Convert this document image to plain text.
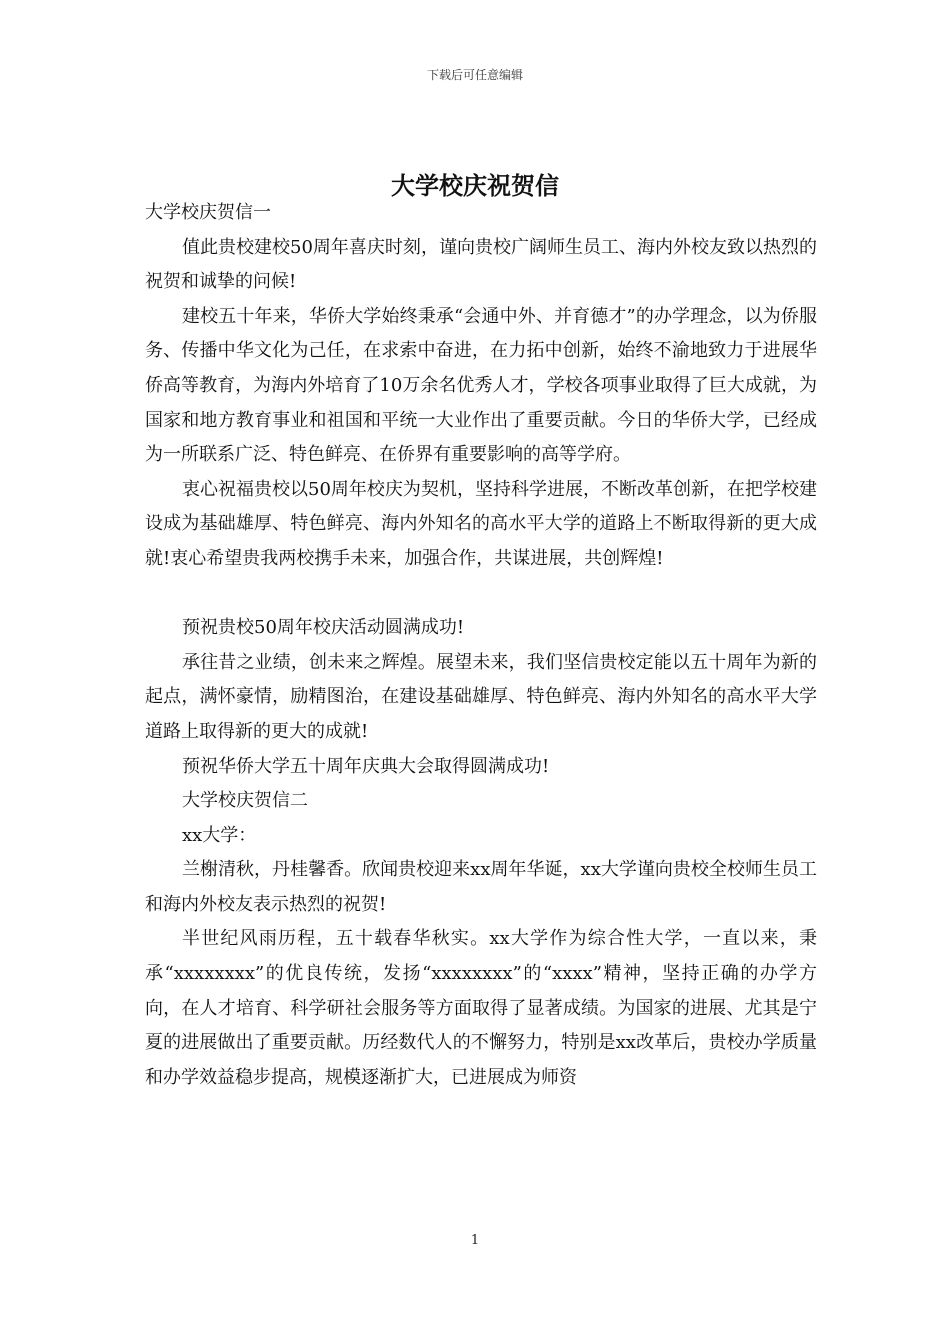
下载后可任意编辑
大学校庆祝贺信

大学校庆贺信一

值此贵校建校50周年喜庆时刻，谨向贵校广阔师生员工、海内外校友致以热烈的祝贺和诚挚的问候!

建校五十年来，华侨大学始终秉承“会通中外、并育德才”的办学理念，以为侨服务、传播中华文化为己任，在求索中奋进，在力拓中创新，始终不渝地致力于进展华侨高等教育，为海内外培育了10万余名优秀人才，学校各项事业取得了巨大成就，为国家和地方教育事业和祖国和平统一大业作出了重要贡献。今日的华侨大学，已经成为一所联系广泛、特色鲜亮、在侨界有重要影响的高等学府。

衷心祝福贵校以50周年校庆为契机，坚持科学进展，不断改革创新，在把学校建设成为基础雄厚、特色鲜亮、海内外知名的高水平大学的道路上不断取得新的更大成就!衷心希望贵我两校携手未来，加强合作，共谋进展，共创辉煌!

预祝贵校50周年校庆活动圆满成功!

承往昔之业绩，创未来之辉煌。展望未来，我们坚信贵校定能以五十周年为新的起点，满怀豪情，励精图治，在建设基础雄厚、特色鲜亮、海内外知名的高水平大学道路上取得新的更大的成就!

预祝华侨大学五十周年庆典大会取得圆满成功!

大学校庆贺信二

xx大学：

兰榭清秋，丹桂馨香。欣闻贵校迎来xx周年华诞，xx大学谨向贵校全校师生员工和海内外校友表示热烈的祝贺!

半世纪风雨历程，五十载春华秋实。xx大学作为综合性大学，一直以来，秉承“xxxxxxxx”的优良传统，发扬“xxxxxxxx”的“xxxx”精神，坚持正确的办学方向，在人才培育、科学研社会服务等方面取得了显著成绩。为国家的进展、尤其是宁夏的进展做出了重要贡献。历经数代人的不懈努力，特别是xx改革后，贵校办学质量和办学效益稳步提高，规模逐渐扩大，已进展成为师资

1
